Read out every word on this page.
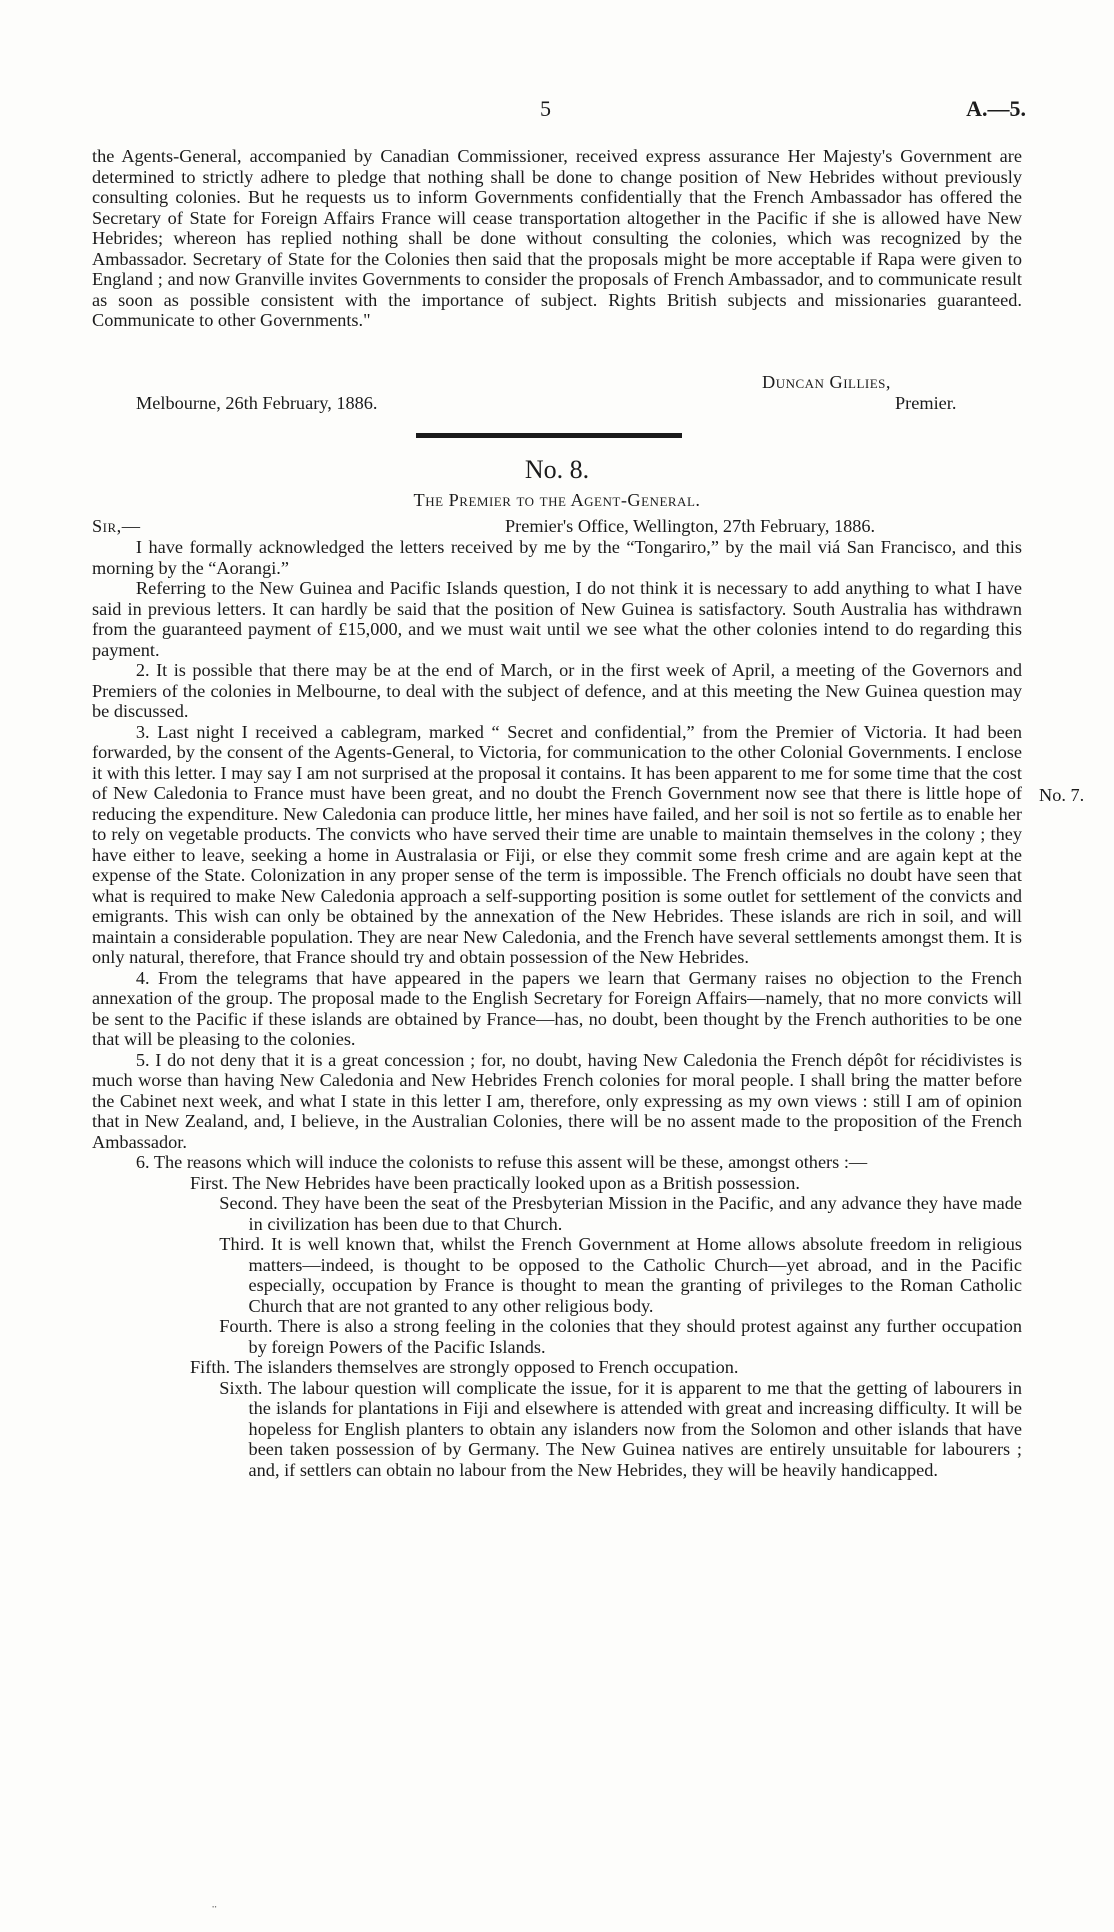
5	A.—5.

the Agents-General, accompanied by Canadian Commissioner, received express assurance Her Majesty's Government are determined to strictly adhere to pledge that nothing shall be done to change position of New Hebrides without previously consulting colonies. But he requests us to inform Governments confidentially that the French Ambassador has offered the Secretary of State for Foreign Affairs France will cease transportation altogether in the Pacific if she is allowed have New Hebrides; whereon has replied nothing shall be done without consulting the colonies, which was recognized by the Ambassador. Secretary of State for the Colonies then said that the proposals might be more acceptable if Rapa were given to England ; and now Granville invites Governments to consider the proposals of French Ambassador, and to communicate result as soon as possible consistent with the importance of subject. Rights British subjects and missionaries guaranteed. Communicate to other Governments."

Duncan Gillies,
Melbourne, 26th February, 1886.	Premier.
No. 8.
The Premier to the Agent-General.
Sir,—	Premier's Office, Wellington, 27th February, 1886.
No. 7.

I have formally acknowledged the letters received by me by the “Tongariro,” by the mail viá San Francisco, and this morning by the “Aorangi.”

Referring to the New Guinea and Pacific Islands question, I do not think it is necessary to add anything to what I have said in previous letters. It can hardly be said that the position of New Guinea is satisfactory. South Australia has withdrawn from the guaranteed payment of £15,000, and we must wait until we see what the other colonies intend to do regarding this payment.

2. It is possible that there may be at the end of March, or in the first week of April, a meeting of the Governors and Premiers of the colonies in Melbourne, to deal with the subject of defence, and at this meeting the New Guinea question may be discussed.

3. Last night I received a cablegram, marked “ Secret and confidential,” from the Premier of Victoria. It had been forwarded, by the consent of the Agents-General, to Victoria, for communication to the other Colonial Governments. I enclose it with this letter. I may say I am not surprised at the proposal it contains. It has been apparent to me for some time that the cost of New Caledonia to France must have been great, and no doubt the French Government now see that there is little hope of reducing the expenditure. New Caledonia can produce little, her mines have failed, and her soil is not so fertile as to enable her to rely on vegetable products. The convicts who have served their time are unable to maintain themselves in the colony ; they have either to leave, seeking a home in Australasia or Fiji, or else they commit some fresh crime and are again kept at the expense of the State. Colonization in any proper sense of the term is impossible. The French officials no doubt have seen that what is required to make New Caledonia approach a self-supporting position is some outlet for settlement of the convicts and emigrants. This wish can only be obtained by the annexation of the New Hebrides. These islands are rich in soil, and will maintain a considerable population. They are near New Caledonia, and the French have several settlements amongst them. It is only natural, therefore, that France should try and obtain possession of the New Hebrides.

4. From the telegrams that have appeared in the papers we learn that Germany raises no objection to the French annexation of the group. The proposal made to the English Secretary for Foreign Affairs—namely, that no more convicts will be sent to the Pacific if these islands are obtained by France—has, no doubt, been thought by the French authorities to be one that will be pleasing to the colonies.

5. I do not deny that it is a great concession ; for, no doubt, having New Caledonia the French dépôt for récidivistes is much worse than having New Caledonia and New Hebrides French colonies for moral people. I shall bring the matter before the Cabinet next week, and what I state in this letter I am, therefore, only expressing as my own views : still I am of opinion that in New Zealand, and, I believe, in the Australian Colonies, there will be no assent made to the proposition of the French Ambassador.

6. The reasons which will induce the colonists to refuse this assent will be these, amongst others :—

First. The New Hebrides have been practically looked upon as a British possession.

Second. They have been the seat of the Presbyterian Mission in the Pacific, and any advance they have made in civilization has been due to that Church.

Third. It is well known that, whilst the French Government at Home allows absolute freedom in religious matters—indeed, is thought to be opposed to the Catholic Church—yet abroad, and in the Pacific especially, occupation by France is thought to mean the granting of privileges to the Roman Catholic Church that are not granted to any other religious body.

Fourth. There is also a strong feeling in the colonies that they should protest against any further occupation by foreign Powers of the Pacific Islands.

Fifth. The islanders themselves are strongly opposed to French occupation.

Sixth. The labour question will complicate the issue, for it is apparent to me that the getting of labourers in the islands for plantations in Fiji and elsewhere is attended with great and increasing difficulty. It will be hopeless for English planters to obtain any islanders now from the Solomon and other islands that have been taken possession of by Germany. The New Guinea natives are entirely unsuitable for labourers ; and, if settlers can obtain no labour from the New Hebrides, they will be heavily handicapped.

¨
